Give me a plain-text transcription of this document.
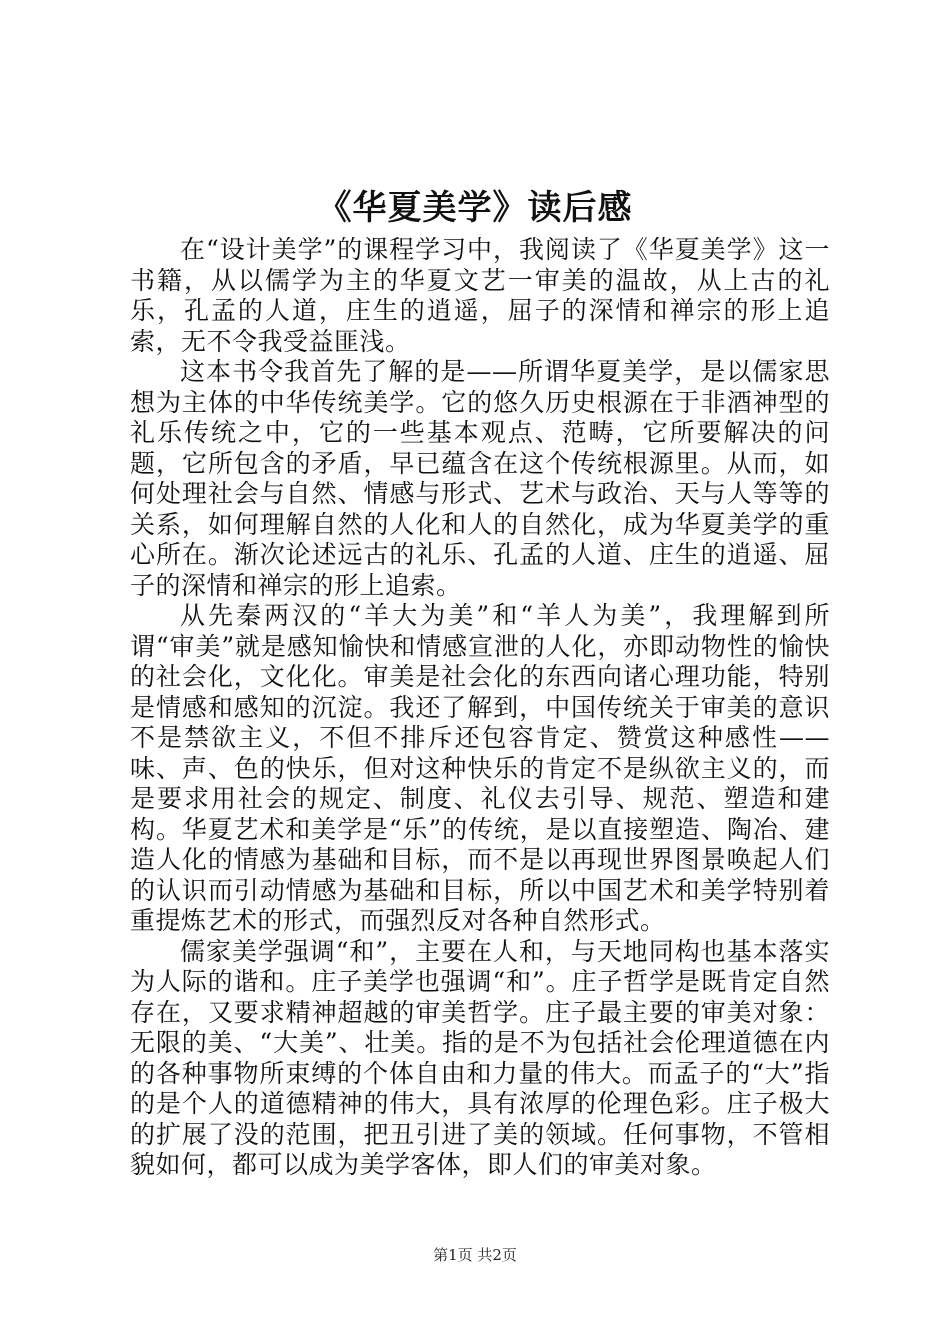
《华夏美学》读后感

在“设计美学”的课程学习中，我阅读了《华夏美学》这一书籍，从以儒学为主的华夏文艺一审美的温故，从上古的礼乐，孔孟的人道，庄生的逍遥，屈子的深情和禅宗的形上追索，无不令我受益匪浅。

这本书令我首先了解的是——所谓华夏美学，是以儒家思想为主体的中华传统美学。它的悠久历史根源在于非酒神型的礼乐传统之中，它的一些基本观点、范畴，它所要解决的问题，它所包含的矛盾，早已蕴含在这个传统根源里。从而，如何处理社会与自然、情感与形式、艺术与政治、天与人等等的关系，如何理解自然的人化和人的自然化，成为华夏美学的重心所在。渐次论述远古的礼乐、孔孟的人道、庄生的逍遥、屈子的深情和禅宗的形上追索。

从先秦两汉的“羊大为美”和“羊人为美”，我理解到所谓“审美”就是感知愉快和情感宣泄的人化，亦即动物性的愉快的社会化，文化化。审美是社会化的东西向诸心理功能，特别是情感和感知的沉淀。我还了解到，中国传统关于审美的意识不是禁欲主义，不但不排斥还包容肯定、赞赏这种感性——味、声、色的快乐，但对这种快乐的肯定不是纵欲主义的，而是要求用社会的规定、制度、礼仪去引导、规范、塑造和建构。华夏艺术和美学是“乐”的传统，是以直接塑造、陶冶、建造人化的情感为基础和目标，而不是以再现世界图景唤起人们的认识而引动情感为基础和目标，所以中国艺术和美学特别着重提炼艺术的形式，而强烈反对各种自然形式。

儒家美学强调“和”，主要在人和，与天地同构也基本落实为人际的谐和。庄子美学也强调“和”。庄子哲学是既肯定自然存在，又要求精神超越的审美哲学。庄子最主要的审美对象：无限的美、“大美”、壮美。指的是不为包括社会伦理道德在内的各种事物所束缚的个体自由和力量的伟大。而孟子的“大”指的是个人的道德精神的伟大，具有浓厚的伦理色彩。庄子极大的扩展了没的范围，把丑引进了美的领域。任何事物，不管相貌如何，都可以成为美学客体，即人们的审美对象。

第1页 共2页
